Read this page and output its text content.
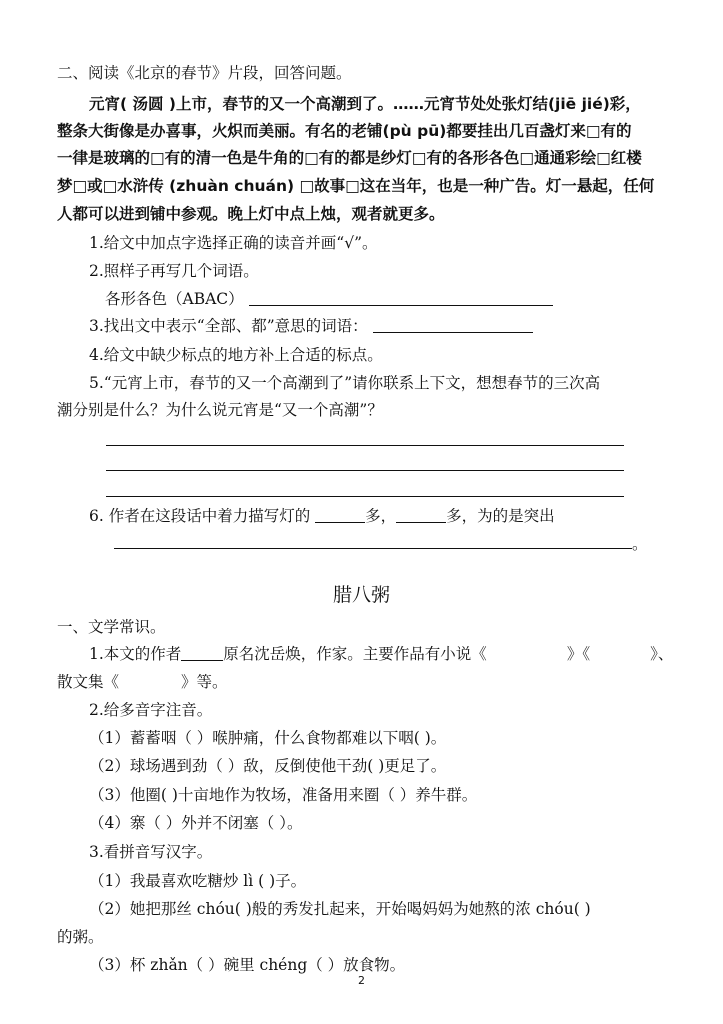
二、阅读《北京的春节》片段，回答问题。
元宵( 汤圆 )上市，春节的又一个高潮到了。……元宵节处处张灯结(jiē jié)彩，
整条大街像是办喜事，火炽而美丽。有名的老铺(pù pū)都要挂出几百盏灯来□有的
一律是玻璃的□有的清一色是牛角的□有的都是纱灯□有的各形各色□通通彩绘□红楼
梦□或□水浒传 (zhuàn chuán) □故事□这在当年，也是一种广告。灯一悬起，任何
人都可以进到铺中参观。晚上灯中点上烛，观者就更多。
1.给文中加点字选择正确的读音并画“√”。
2.照样子再写几个词语。
各形各色（ABAC）
3.找出文中表示“全部、都”意思的词语：
4.给文中缺少标点的地方补上合适的标点。
5.“元宵上市，春节的又一个高潮到了”请你联系上下文，想想春节的三次高
潮分别是什么？为什么说元宵是“又一个高潮”？
6. 作者在这段话中着力描写灯的	多，	多，为的是突出
。
腊八粥
一、文学常识。
1.本文的作者	原名沈岳焕，作家。主要作品有小说《	》《	》、
散文集《	》等。
2.给多音字注音。
（1）蓄蓄咽（ ）喉肿痛，什么食物都难以下咽( )。
（2）球场遇到劲（ ）敌，反倒使他干劲( )更足了。
（3）他圈( )十亩地作为牧场，准备用来圈（ ）养牛群。
（4）寨（ ）外并不闭塞（ ）。
3.看拼音写汉字。
（1）我最喜欢吃糖炒 lì ( )子。
（2）她把那丝 chóu( )般的秀发扎起来，开始喝妈妈为她熬的浓 chóu( )
的粥。
（3）杯 zhǎn（ ）碗里 chéng（ ）放食物。
2
